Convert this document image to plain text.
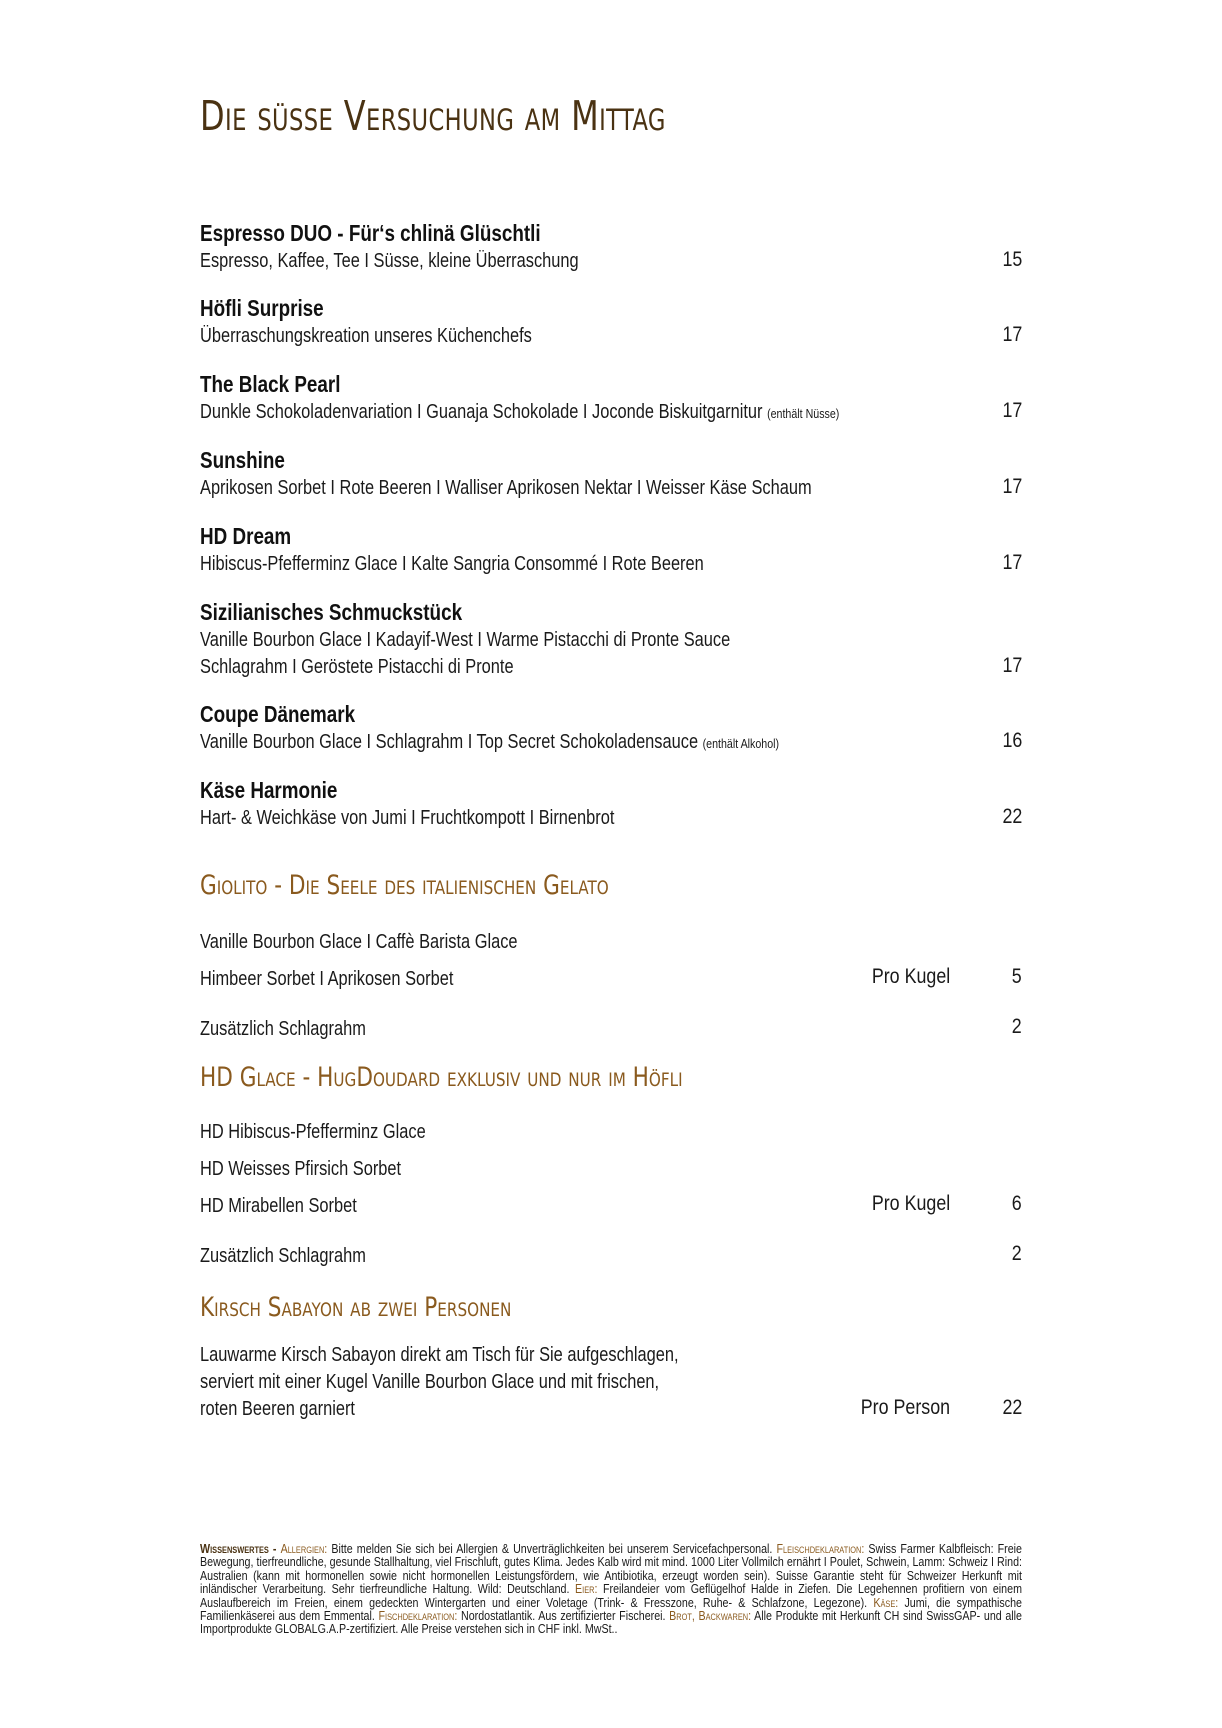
Die süsse Versuchung am Mittag
Espresso DUO - Für‘s chlinä Glüschtli
Espresso, Kaffee, Tee I Süsse, kleine Überraschung	15
Höfli Surprise
Überraschungskreation unseres Küchenchefs	17
The Black Pearl
Dunkle Schokoladenvariation I Guanaja Schokolade I Joconde Biskuitgarnitur (enthält Nüsse)	17
Sunshine
Aprikosen Sorbet I Rote Beeren I Walliser Aprikosen Nektar I Weisser Käse Schaum	17
HD Dream
Hibiscus-Pfefferminz Glace I Kalte Sangria Consommé I Rote Beeren	17
Sizilianisches Schmuckstück
Vanille Bourbon Glace I Kadayif-West I Warme Pistacchi di Pronte Sauce
Schlagrahm I Geröstete Pistacchi di Pronte	17
Coupe Dänemark
Vanille Bourbon Glace I Schlagrahm I Top Secret Schokoladensauce (enthält Alkohol)	16
Käse Harmonie
Hart- & Weichkäse von Jumi I Fruchtkompott I Birnenbrot	22
Giolito - Die Seele des italienischen Gelato
Vanille Bourbon Glace I Caffè Barista Glace
Himbeer Sorbet I Aprikosen Sorbet	Pro Kugel	5
Zusätzlich Schlagrahm	2
HD Glace - HugDoudard exklusiv und nur im Höfli
HD Hibiscus-Pfefferminz Glace
HD Weisses Pfirsich Sorbet
HD Mirabellen Sorbet	Pro Kugel	6
Zusätzlich Schlagrahm	2
Kirsch Sabayon ab zwei Personen
Lauwarme Kirsch Sabayon direkt am Tisch für Sie aufgeschlagen,
serviert mit einer Kugel Vanille Bourbon Glace und mit frischen,
roten Beeren garniert	Pro Person 22
Wissenswertes - Allergien: Bitte melden Sie sich bei Allergien & Unverträglichkeiten bei unserem Servicefachpersonal. Fleischdeklaration: Swiss Farmer Kalbfleisch: Freie Bewegung, tierfreundliche, gesunde Stallhaltung, viel Frischluft, gutes Klima. Jedes Kalb wird mit mind. 1000 Liter Vollmilch ernährt I Poulet, Schwein, Lamm: Schweiz I Rind: Australien (kann mit hormonellen sowie nicht hormonellen Leistungsfördern, wie Antibiotika, erzeugt worden sein). Suisse Garantie steht für Schweizer Herkunft mit inländischer Verarbeitung. Sehr tierfreundliche Haltung. Wild: Deutschland. Eier: Freilandeier vom Geflügelhof Halde in Ziefen. Die Legehennen profitiern von einem Auslaufbereich im Freien, einem gedeckten Wintergarten und einer Voletage (Trink- & Fresszone, Ruhe- & Schlafzone, Legezone). Käse: Jumi, die sympathische Familienkäserei aus dem Emmental. Fischdeklaration: Nordostatlantik. Aus zertifizierter Fischerei. Brot, Backwaren: Alle Produkte mit Herkunft CH sind SwissGAP- und alle Importprodukte GLOBALG.A.P-zertifiziert. Alle Preise verstehen sich in CHF inkl. MwSt..
